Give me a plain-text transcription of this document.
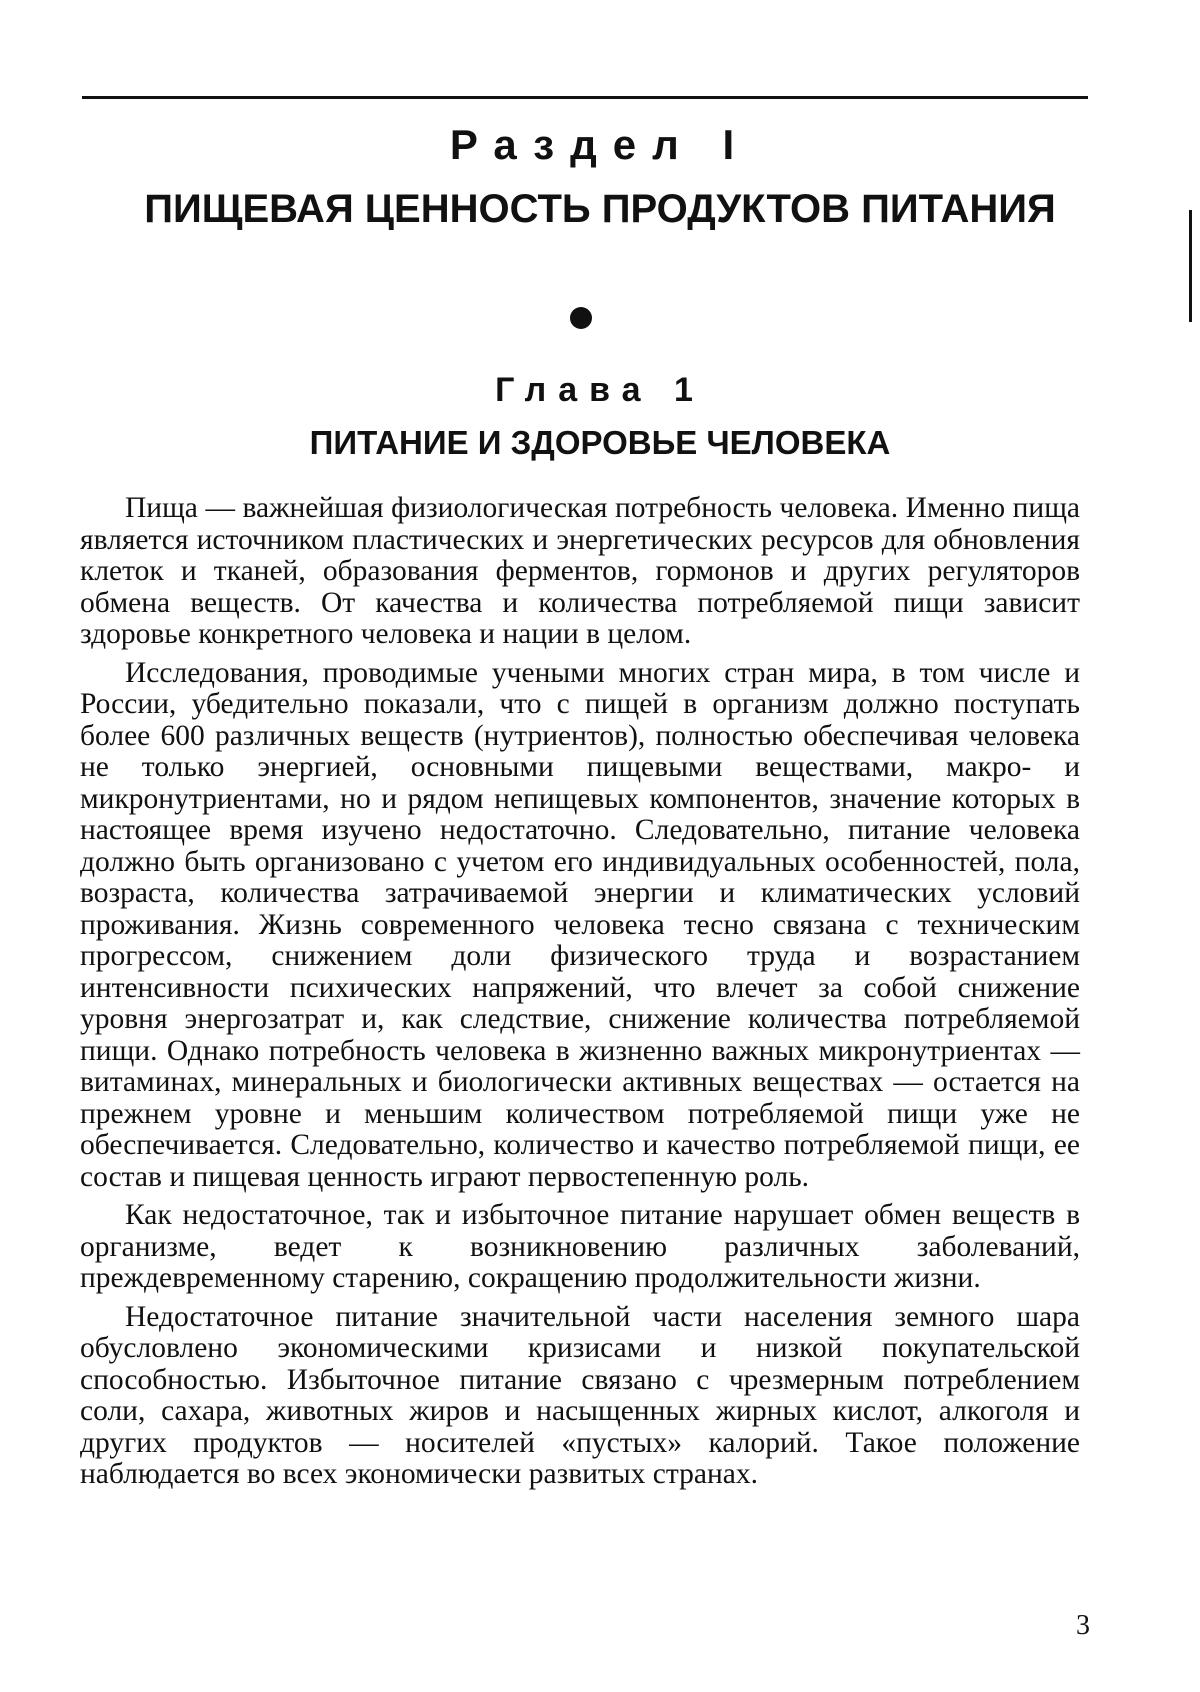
Раздел I
ПИЩЕВАЯ ЦЕННОСТЬ ПРОДУКТОВ ПИТАНИЯ
Глава 1
ПИТАНИЕ И ЗДОРОВЬЕ ЧЕЛОВЕКА

Пища — важнейшая физиологическая потребность человека. Именно пища является источником пластических и энергетических ресурсов для обновления клеток и тканей, образования ферментов, гормонов и других регуляторов обмена веществ. От качества и количества потребляемой пищи зависит здоровье конкретного человека и нации в целом.

Исследования, проводимые учеными многих стран мира, в том числе и России, убедительно показали, что с пищей в организм должно поступать более 600 различных веществ (нутриентов), полностью обеспечивая человека не только энергией, основными пищевыми веществами, макро- и микронутриентами, но и рядом непищевых компонентов, значение которых в настоящее время изучено недостаточно. Следовательно, питание человека должно быть организовано с учетом его индивидуальных особенностей, пола, возраста, количества затрачиваемой энергии и климатических условий проживания. Жизнь современного человека тесно связана с техническим прогрессом, снижением доли физического труда и возрастанием интенсивности психических напряжений, что влечет за собой снижение уровня энергозатрат и, как следствие, снижение количества потребляемой пищи. Однако потребность человека в жизненно важных микронутриентах — витаминах, минеральных и биологически активных веществах — остается на прежнем уровне и меньшим количеством потребляемой пищи уже не обеспечивается. Следовательно, количество и качество потребляемой пищи, ее состав и пищевая ценность играют первостепенную роль.

Как недостаточное, так и избыточное питание нарушает обмен веществ в организме, ведет к возникновению различных заболеваний, преждевременному старению, сокращению продолжительности жизни.

Недостаточное питание значительной части населения земного шара обусловлено экономическими кризисами и низкой покупательской способностью. Избыточное питание связано с чрезмерным потреблением соли, сахара, животных жиров и насыщенных жирных кислот, алкоголя и других продуктов — носителей «пустых» калорий. Такое положение наблюдается во всех экономически развитых странах.

3
